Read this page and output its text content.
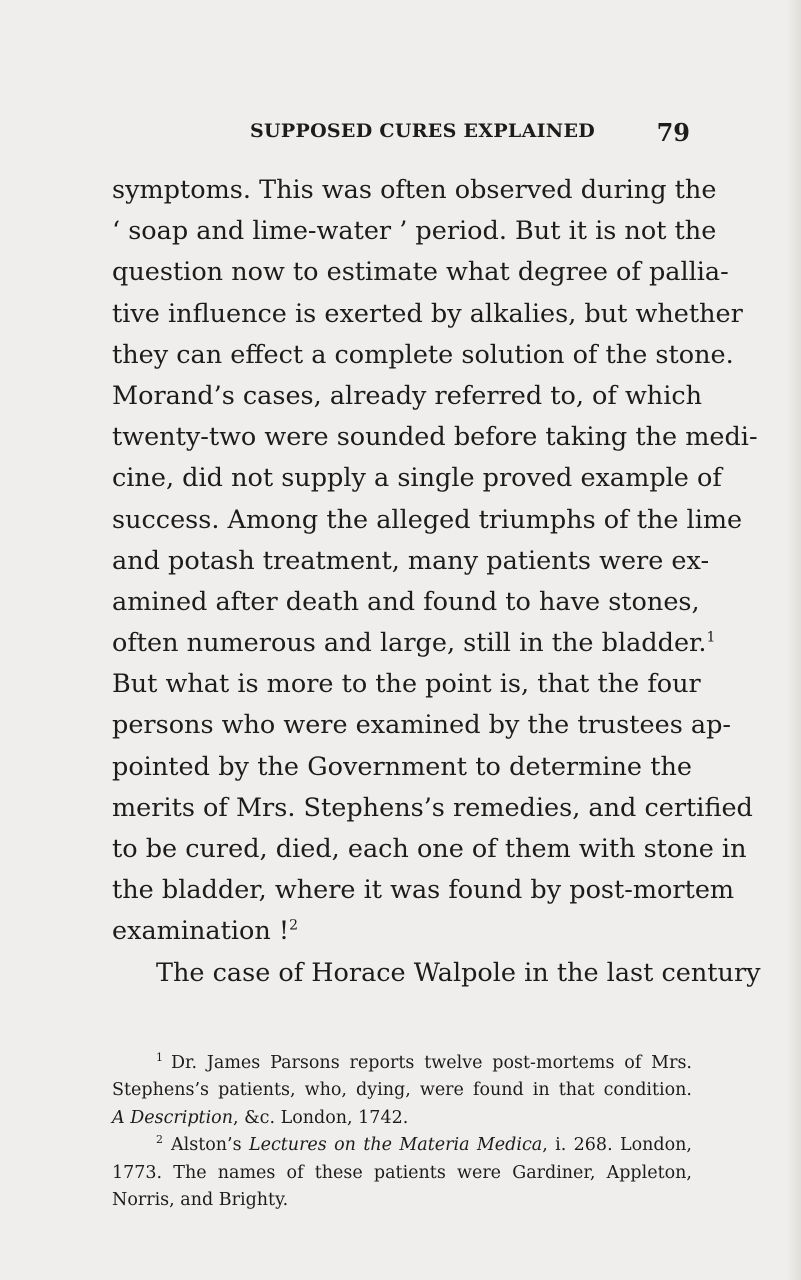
SUPPOSED CURES EXPLAINED	79
symptoms. This was often observed during the
‘ soap and lime-water ’ period. But it is not the
question now to estimate what degree of pallia-
tive influence is exerted by alkalies, but whether
they can effect a complete solution of the stone.
Morand’s cases, already referred to, of which
twenty-two were sounded before taking the medi-
cine, did not supply a single proved example of
success. Among the alleged triumphs of the lime
and potash treatment, many patients were ex-
amined after death and found to have stones,
often numerous and large, still in the bladder.$^1$
But what is more to the point is, that the four
persons who were examined by the trustees ap-
pointed by the Government to determine the
merits of Mrs. Stephens’s remedies, and certified
to be cured, died, each one of them with stone in
the bladder, where it was found by post-mortem
examination !$^2$
The case of Horace Walpole in the last century
$^1$ Dr. James Parsons reports twelve post-mortems of Mrs.
Stephens’s patients, who, dying, were found in that condition.
A Description, &c. London, 1742.
$^2$ Alston’s Lectures on the Materia Medica, i. 268. London,
1773. The names of these patients were Gardiner, Appleton,
Norris, and Brighty.
